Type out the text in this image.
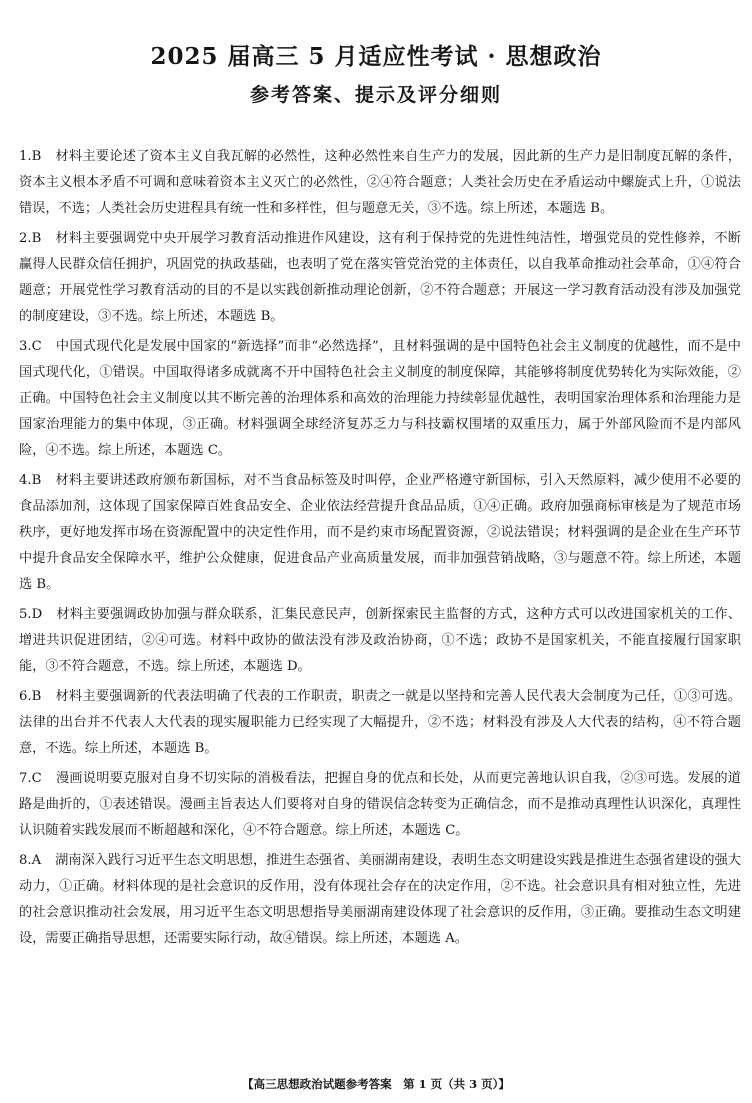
2025 届高三 5 月适应性考试 · 思想政治
参考答案、提示及评分细则

1.B 材料主要论述了资本主义自我瓦解的必然性，这种必然性来自生产力的发展，因此新的生产力是旧制度瓦解的条件，资本主义根本矛盾不可调和意味着资本主义灭亡的必然性，②④符合题意；人类社会历史在矛盾运动中螺旋式上升，①说法错误，不选；人类社会历史进程具有统一性和多样性，但与题意无关，③不选。综上所述，本题选 B。

2.B 材料主要强调党中央开展学习教育活动推进作风建设，这有利于保持党的先进性纯洁性，增强党员的党性修养，不断赢得人民群众信任拥护，巩固党的执政基础，也表明了党在落实管党治党的主体责任，以自我革命推动社会革命，①④符合题意；开展党性学习教育活动的目的不是以实践创新推动理论创新，②不符合题意；开展这一学习教育活动没有涉及加强党的制度建设，③不选。综上所述，本题选 B。

3.C 中国式现代化是发展中国家的“新选择”而非“必然选择”，且材料强调的是中国特色社会主义制度的优越性，而不是中国式现代化，①错误。中国取得诸多成就离不开中国特色社会主义制度的制度保障，其能够将制度优势转化为实际效能，②正确。中国特色社会主义制度以其不断完善的治理体系和高效的治理能力持续彰显优越性，表明国家治理体系和治理能力是国家治理能力的集中体现，③正确。材料强调全球经济复苏乏力与科技霸权围堵的双重压力，属于外部风险而不是内部风险，④不选。综上所述，本题选 C。

4.B 材料主要讲述政府颁布新国标，对不当食品标签及时叫停，企业严格遵守新国标，引入天然原料，减少使用不必要的食品添加剂，这体现了国家保障百姓食品安全、企业依法经营提升食品品质，①④正确。政府加强商标审核是为了规范市场秩序，更好地发挥市场在资源配置中的决定性作用，而不是约束市场配置资源，②说法错误；材料强调的是企业在生产环节中提升食品安全保障水平，维护公众健康，促进食品产业高质量发展，而非加强营销战略，③与题意不符。综上所述，本题选 B。

5.D 材料主要强调政协加强与群众联系，汇集民意民声，创新探索民主监督的方式，这种方式可以改进国家机关的工作、增进共识促进团结，②④可选。材料中政协的做法没有涉及政治协商，①不选；政协不是国家机关，不能直接履行国家职能，③不符合题意，不选。综上所述，本题选 D。

6.B 材料主要强调新的代表法明确了代表的工作职责，职责之一就是以坚持和完善人民代表大会制度为己任，①③可选。法律的出台并不代表人大代表的现实履职能力已经实现了大幅提升，②不选；材料没有涉及人大代表的结构，④不符合题意，不选。综上所述，本题选 B。

7.C 漫画说明要克服对自身不切实际的消极看法，把握自身的优点和长处，从而更完善地认识自我，②③可选。发展的道路是曲折的，①表述错误。漫画主旨表达人们要将对自身的错误信念转变为正确信念，而不是推动真理性认识深化，真理性认识随着实践发展而不断超越和深化，④不符合题意。综上所述，本题选 C。

8.A 湖南深入践行习近平生态文明思想，推进生态强省、美丽湖南建设，表明生态文明建设实践是推进生态强省建设的强大动力，①正确。材料体现的是社会意识的反作用，没有体现社会存在的决定作用，②不选。社会意识具有相对独立性，先进的社会意识推动社会发展，用习近平生态文明思想指导美丽湖南建设体现了社会意识的反作用，③正确。要推动生态文明建设，需要正确指导思想，还需要实际行动，故④错误。综上所述，本题选 A。

【高三思想政治试题参考答案　第 1 页（共 3 页）】
